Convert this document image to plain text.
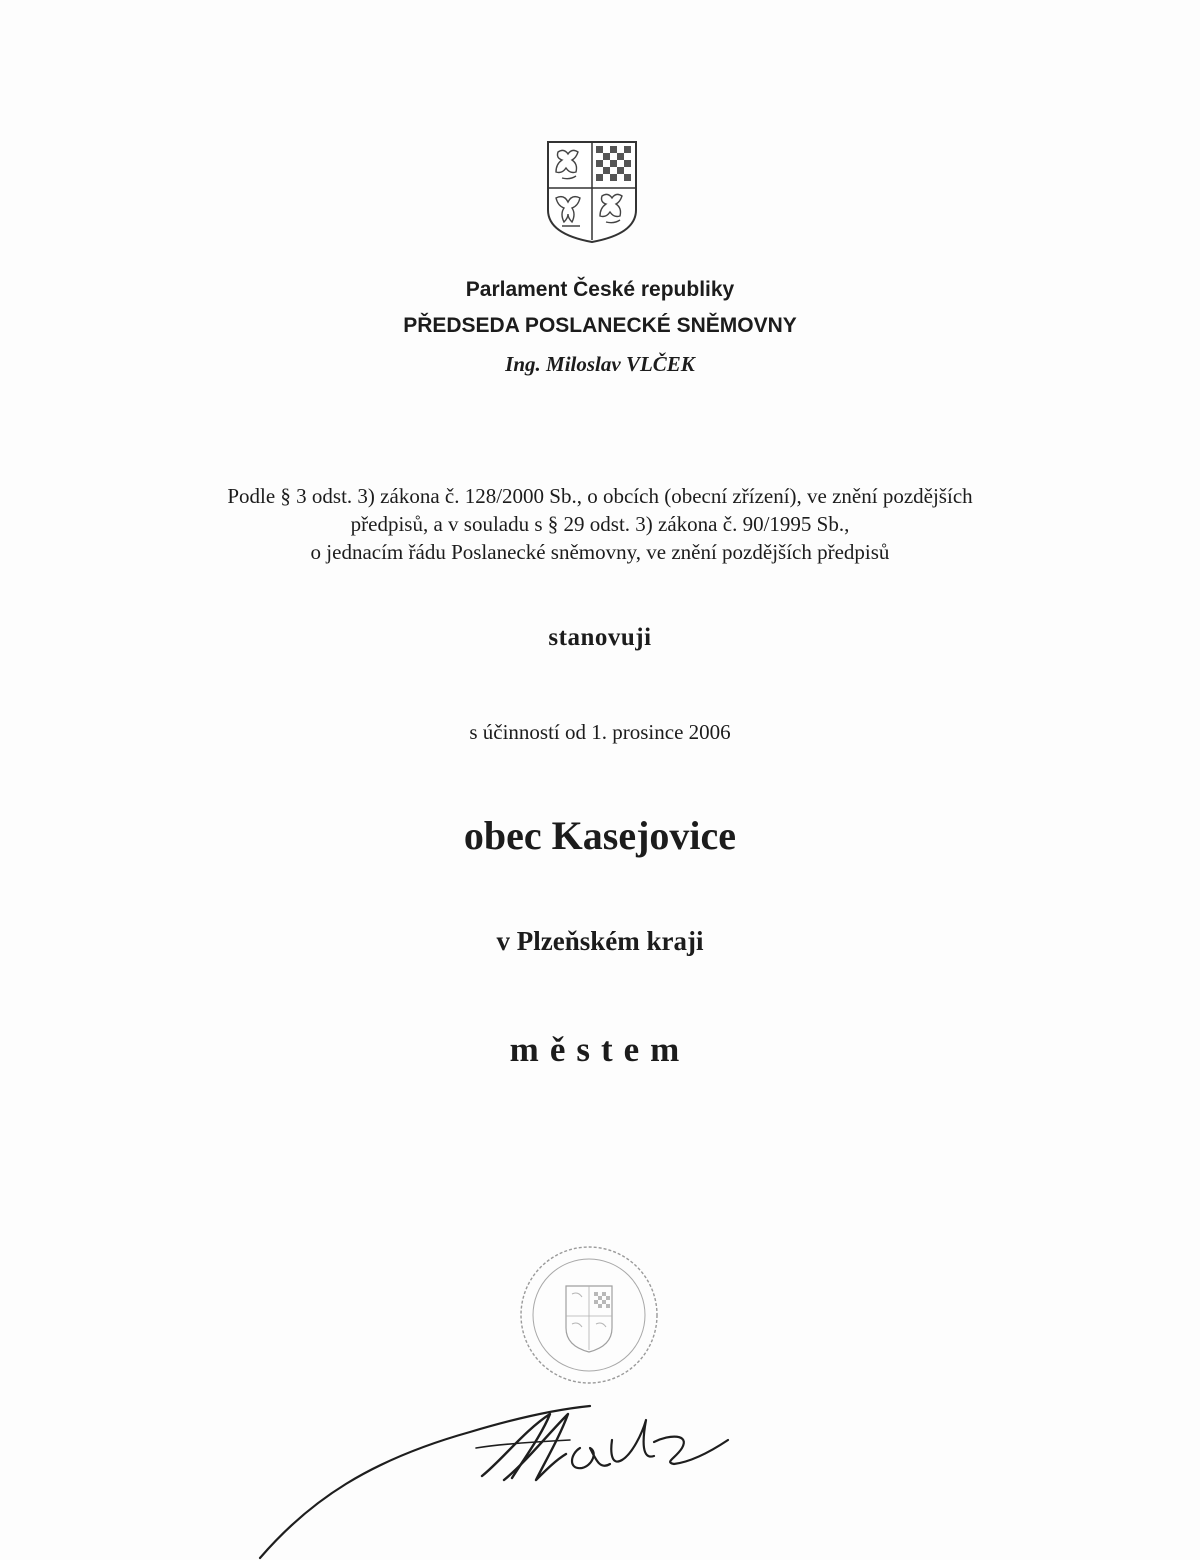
Parlament České republiky
PŘEDSEDA POSLANECKÉ SNĚMOVNY
Ing. Miloslav VLČEK
Podle § 3 odst. 3) zákona č. 128/2000 Sb., o obcích (obecní zřízení), ve znění pozdějších
předpisů, a v souladu s § 29 odst. 3) zákona č. 90/1995 Sb.,
o jednacím řádu Poslanecké sněmovny, ve znění pozdějších předpisů
stanovuji
s účinností od 1. prosince 2006
obec Kasejovice
v Plzeňském kraji
městem
